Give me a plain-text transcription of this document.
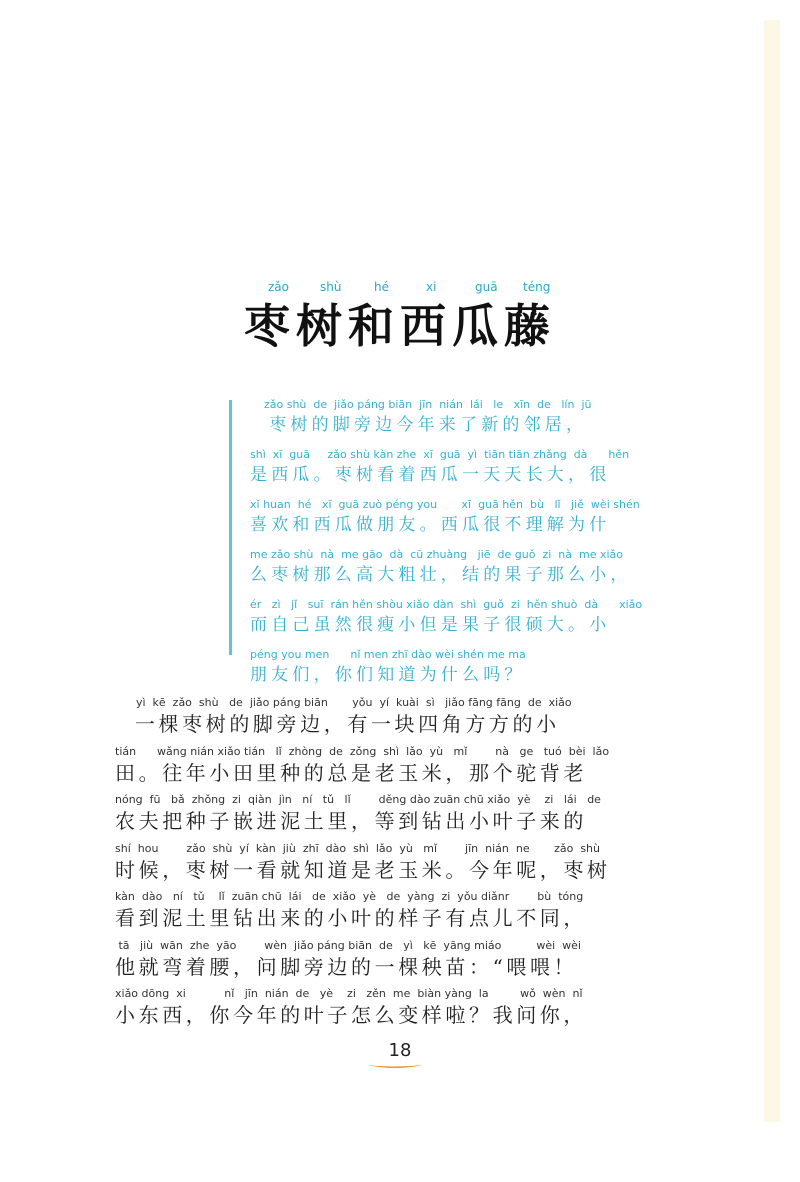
zǎo	shù	hé	xi	guā téng
枣树和西瓜藤
zǎo shù  de  jiǎo páng biān  jīn  nián  lái   le   xīn  de   lín  jū
枣树的脚旁边今年来了新的邻居，
shì  xī  guā     zǎo shù kàn zhe  xī  guā  yì  tiān tiān zhǎng  dà      hěn
是西瓜。枣树看着西瓜一天天长大，很
xǐ huan  hé   xī  guā zuò péng you       xī  guā hěn  bù   lǐ   jiě  wèi shén
喜欢和西瓜做朋友。西瓜很不理解为什
me zǎo shù  nà  me gāo  dà  cū zhuàng   jiē  de guǒ  zi  nà  me xiǎo
么枣树那么高大粗壮，结的果子那么小，
ér   zì   jǐ   suī  rán hěn shòu xiǎo dàn  shì  guǒ  zi  hěn shuò  dà      xiǎo
而自己虽然很瘦小但是果子很硕大。小
péng you men      nǐ men zhī dào wèi shén me ma
朋友们，你们知道为什么吗？
yì  kē  zǎo  shù   de  jiǎo páng biān       yǒu  yí  kuài  sì   jiǎo fāng fāng  de  xiǎo
一棵枣树的脚旁边，有一块四角方方的小
tián      wǎng nián xiǎo tián   lǐ  zhòng  de  zǒng  shì  lǎo  yù   mǐ        nà   ge   tuó  bèi  lǎo
田。往年小田里种的总是老玉米，那个驼背老
nóng  fū   bǎ  zhǒng  zi  qiàn  jìn   ní   tǔ   lǐ        děng dào zuān chū xiǎo  yè    zi   lái   de
农夫把种子嵌进泥土里，等到钻出小叶子来的
shí  hou        zǎo  shù  yí  kàn  jiù  zhī  dào  shì  lǎo  yù   mǐ        jīn  nián  ne       zǎo  shù
时候，枣树一看就知道是老玉米。今年呢，枣树
kàn  dào   ní   tǔ    lǐ  zuān chū  lái   de  xiǎo  yè   de  yàng  zi  yǒu diǎnr        bù  tóng
看到泥土里钻出来的小叶的样子有点儿不同，
tā   jiù  wān  zhe  yāo        wèn  jiǎo páng biān  de   yì   kē  yāng miáo          wèi  wèi
他就弯着腰，问脚旁边的一棵秧苗：“喂喂！
xiǎo dōng  xi           nǐ   jīn  nián  de   yè    zi   zěn  me  biàn yàng  la         wǒ  wèn  nǐ
小东西，你今年的叶子怎么变样啦？我问你，
18
